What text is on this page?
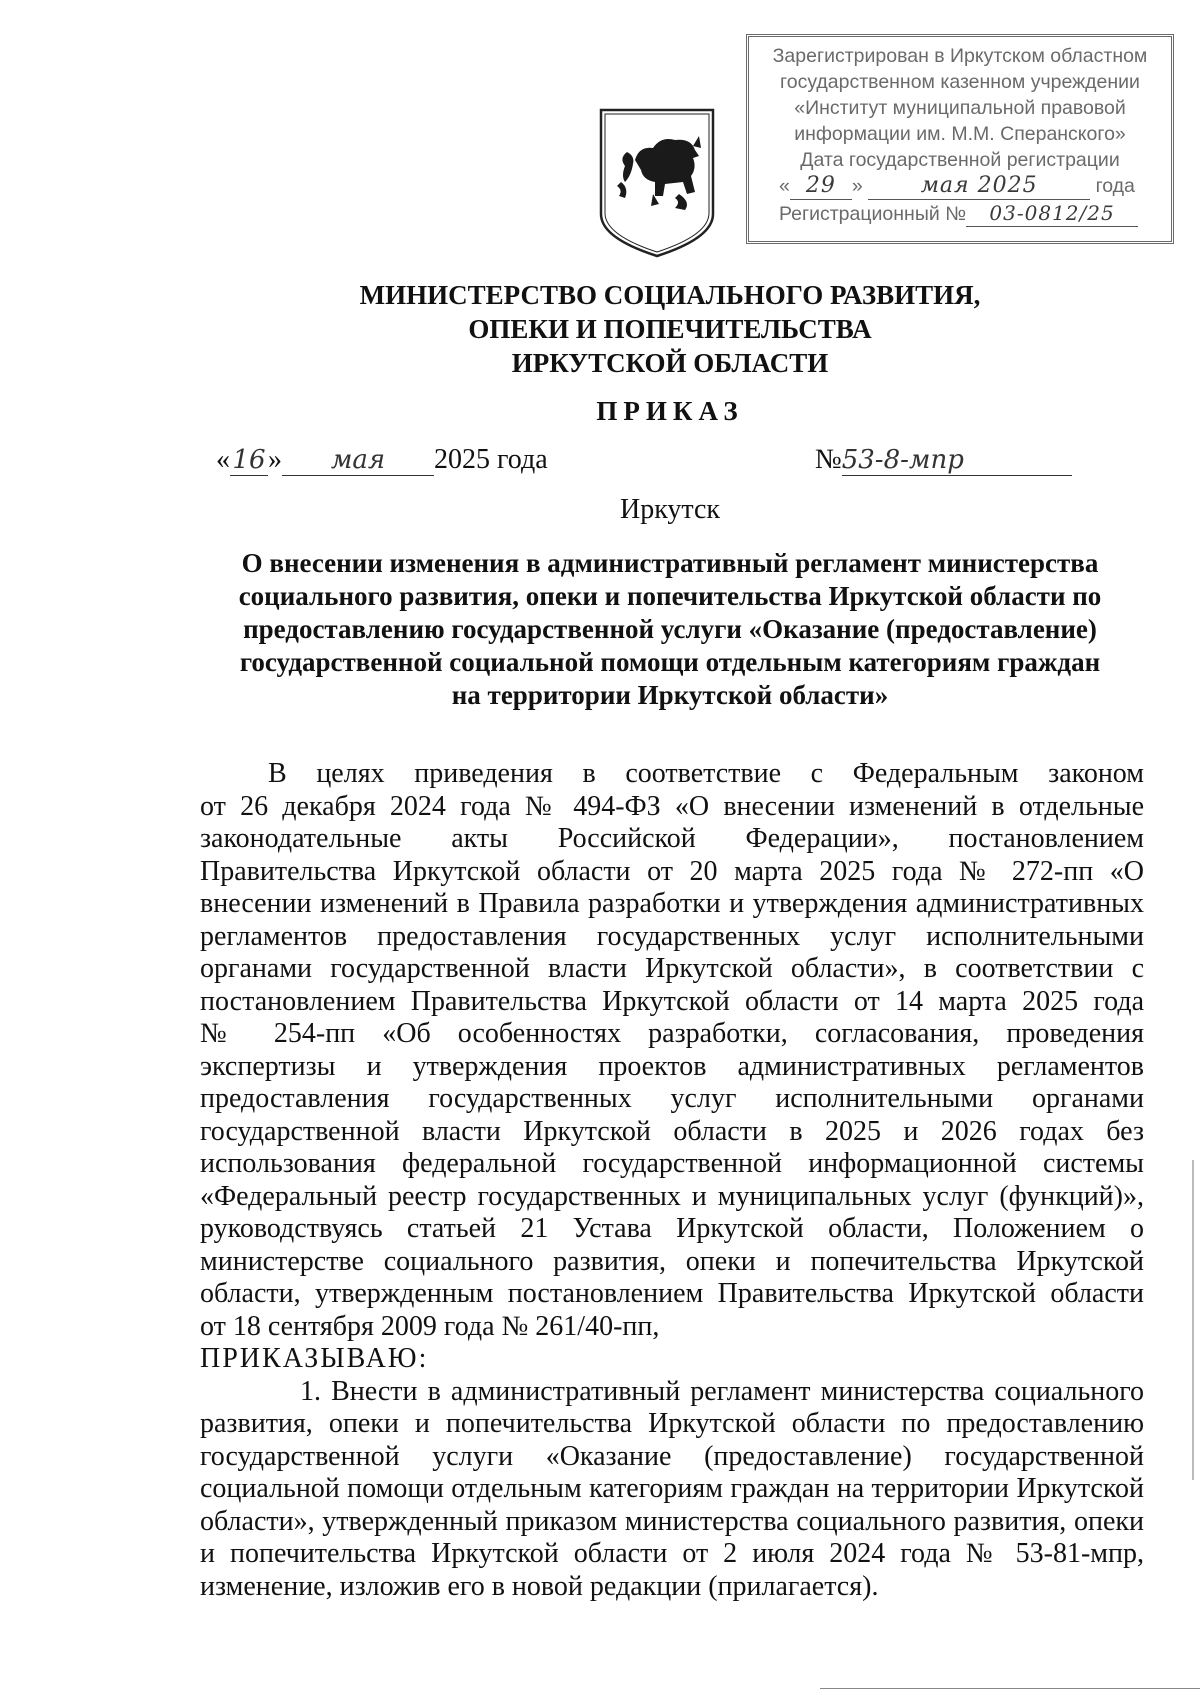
Зарегистрирован в Иркутском областном
государственном казенном учреждении
«Институт муниципальной правовой
информации им. М.М. Сперанского»
Дата государственной регистрации
« 29 »	мая 2025	года
Регистрационный № 03-0812/25
МИНИСТЕРСТВО СОЦИАЛЬНОГО РАЗВИТИЯ,
ОПЕКИ И ПОПЕЧИТЕЛЬСТВА
ИРКУТСКОЙ ОБЛАСТИ
ПРИКАЗ
«16» мая 2025 года	№53-8-мпр
Иркутск
О внесении изменения в административный регламент министерства
социального развития, опеки и попечительства Иркутской области по
предоставлению государственной услуги «Оказание (предоставление)
государственной социальной помощи отдельным категориям граждан
на территории Иркутской области»
В целях приведения в соответствие с Федеральным законом
от 26 декабря 2024 года № 494-ФЗ «О внесении изменений в отдельные
законодательные акты Российской Федерации», постановлением
Правительства Иркутской области от 20 марта 2025 года № 272-пп «О
внесении изменений в Правила разработки и утверждения административных
регламентов предоставления государственных услуг исполнительными
органами государственной власти Иркутской области», в соответствии с
постановлением Правительства Иркутской области от 14 марта 2025 года
№ 254-пп «Об особенностях разработки, согласования, проведения
экспертизы и утверждения проектов административных регламентов
предоставления государственных услуг исполнительными органами
государственной власти Иркутской области в 2025 и 2026 годах без
использования федеральной государственной информационной системы
«Федеральный реестр государственных и муниципальных услуг (функций)»,
руководствуясь статьей 21 Устава Иркутской области, Положением о
министерстве социального развития, опеки и попечительства Иркутской
области, утвержденным постановлением Правительства Иркутской области
от 18 сентября 2009 года № 261/40-пп,
ПРИКАЗЫВАЮ:
1. Внести в административный регламент министерства социального
развития, опеки и попечительства Иркутской области по предоставлению
государственной услуги «Оказание (предоставление) государственной
социальной помощи отдельным категориям граждан на территории Иркутской
области», утвержденный приказом министерства социального развития, опеки
и попечительства Иркутской области от 2 июля 2024 года № 53-81-мпр,
изменение, изложив его в новой редакции (прилагается).
